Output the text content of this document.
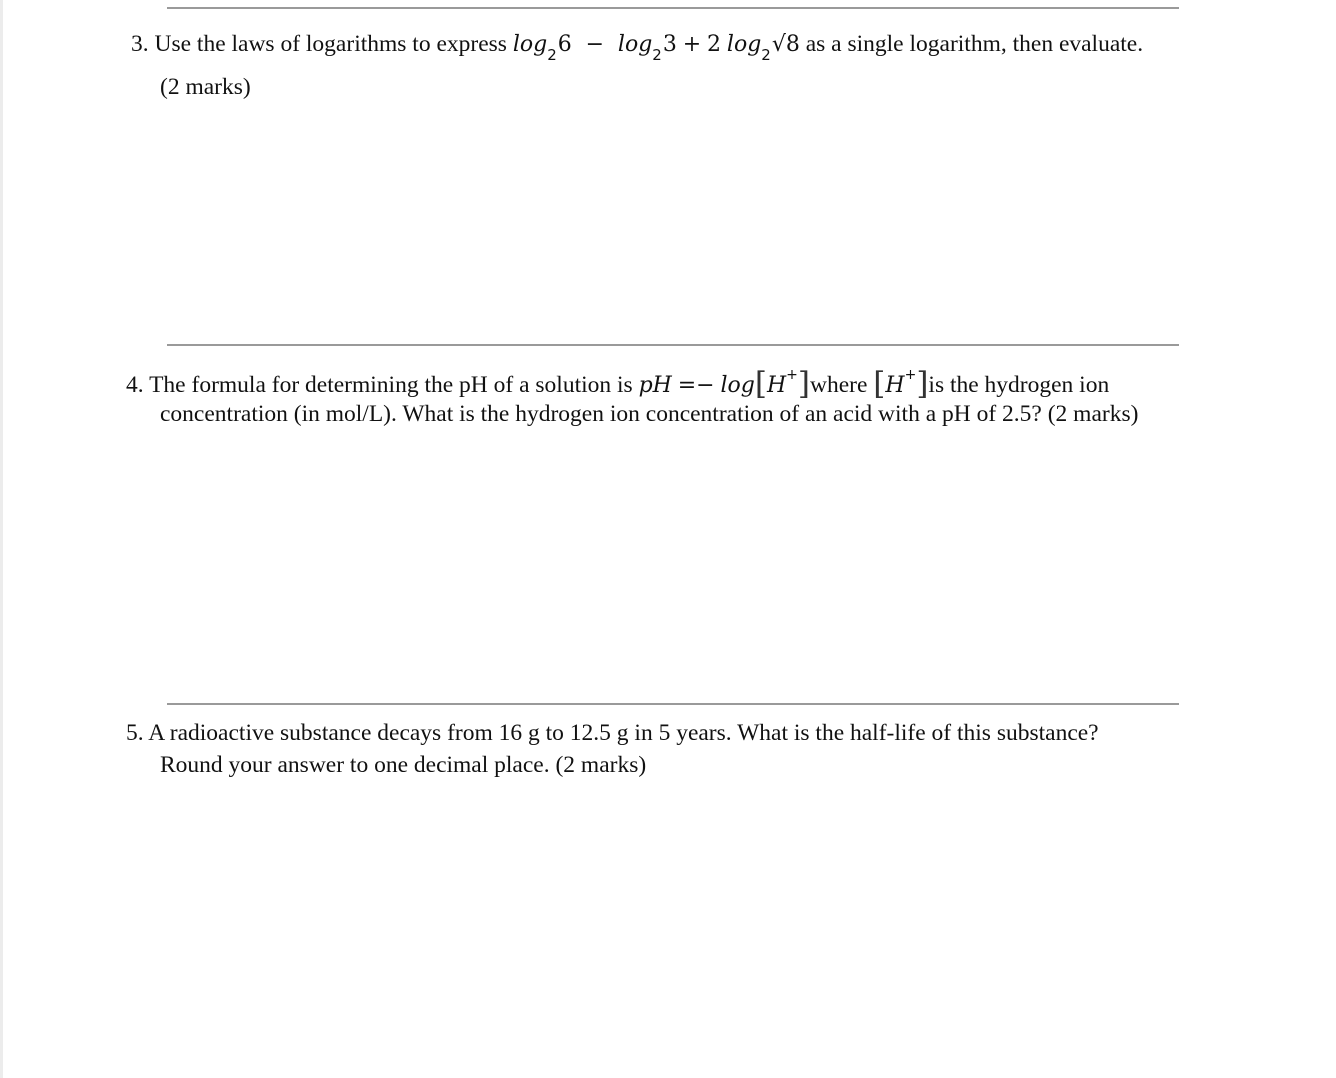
3. Use the laws of logarithms to express $\log_26 - \log_23 + 2$ $\log_2√8$ as a single logarithm, then evaluate.
(2 marks)
4. The formula for determining the pH of a solution is pH =− log[H+]where [H+]is the hydrogen ion
concentration (in mol/L). What is the hydrogen ion concentration of an acid with a pH of 2.5? (2 marks)
5. A radioactive substance decays from 16 g to 12.5 g in 5 years. What is the half-life of this substance?
Round your answer to one decimal place. (2 marks)
